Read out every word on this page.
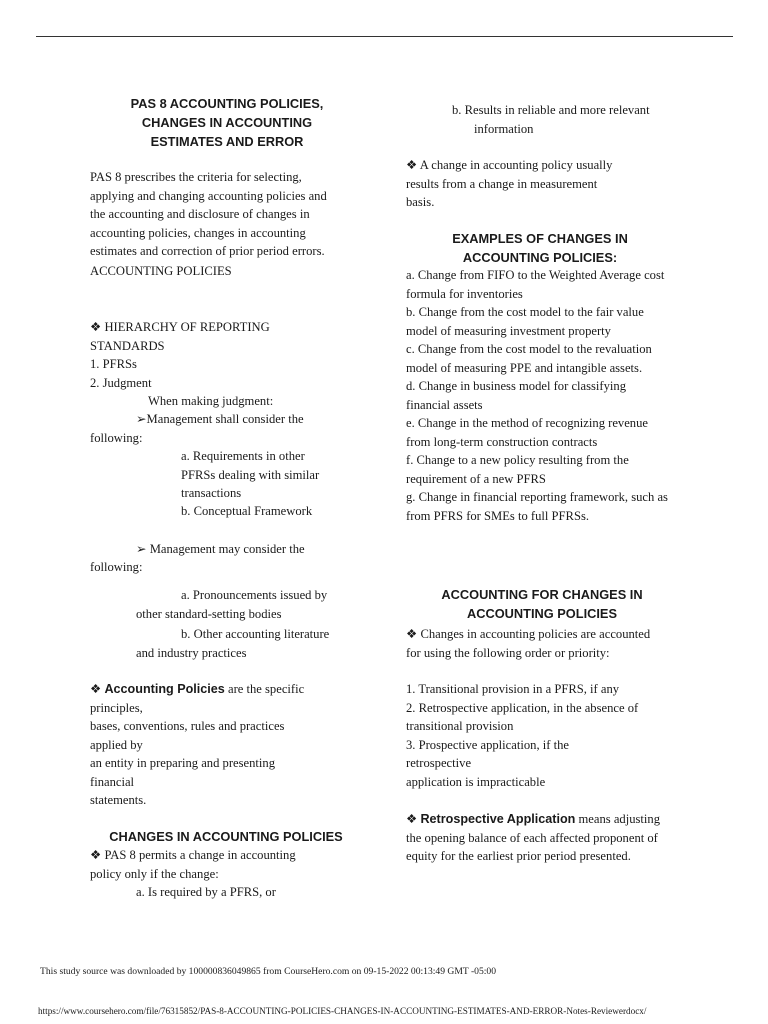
PAS 8 ACCOUNTING POLICIES, CHANGES IN ACCOUNTING ESTIMATES AND ERROR
PAS 8 prescribes the criteria for selecting, applying and changing accounting policies and the accounting and disclosure of changes in accounting policies, changes in accounting estimates and correction of prior period errors.
ACCOUNTING POLICIES
❖ HIERARCHY OF REPORTING STANDARDS
1. PFRSs
2. Judgment
When making judgment:
➢Management shall consider the
following:
a. Requirements in other PFRSs dealing with similar transactions
b. Conceptual Framework
➢ Management may consider the
following:
a. Pronouncements issued by
other standard-setting bodies
b. Other accounting literature
and industry practices
❖ Accounting Policies are the specific
principles,
bases, conventions, rules and practices
applied by
an entity in preparing and presenting
financial
statements.
CHANGES IN ACCOUNTING POLICIES
❖ PAS 8 permits a change in accounting policy only if the change:
a. Is required by a PFRS, or
b. Results in reliable and more relevant
information
❖ A change in accounting policy usually results from a change in measurement
basis.
EXAMPLES OF CHANGES IN ACCOUNTING POLICIES:
a. Change from FIFO to the Weighted Average cost formula for inventories
b. Change from the cost model to the fair value model of measuring investment property
c. Change from the cost model to the revaluation model of measuring PPE and intangible assets.
d. Change in business model for classifying financial assets
e. Change in the method of recognizing revenue from long-term construction contracts
f. Change to a new policy resulting from the requirement of a new PFRS
g. Change in financial reporting framework, such as from PFRS for SMEs to full PFRSs.
ACCOUNTING FOR CHANGES IN ACCOUNTING POLICIES
❖ Changes in accounting policies are accounted for using the following order or priority:
1. Transitional provision in a PFRS, if any
2. Retrospective application, in the absence of transitional provision
3. Prospective application, if the
retrospective
application is impracticable
❖ Retrospective Application means adjusting the opening balance of each affected proponent of equity for the earliest prior period presented.
This study source was downloaded by 100000836049865 from CourseHero.com on 09-15-2022 00:13:49 GMT -05:00
https://www.coursehero.com/file/76315852/PAS-8-ACCOUNTING-POLICIES-CHANGES-IN-ACCOUNTING-ESTIMATES-AND-ERROR-Notes-Reviewerdocx/
